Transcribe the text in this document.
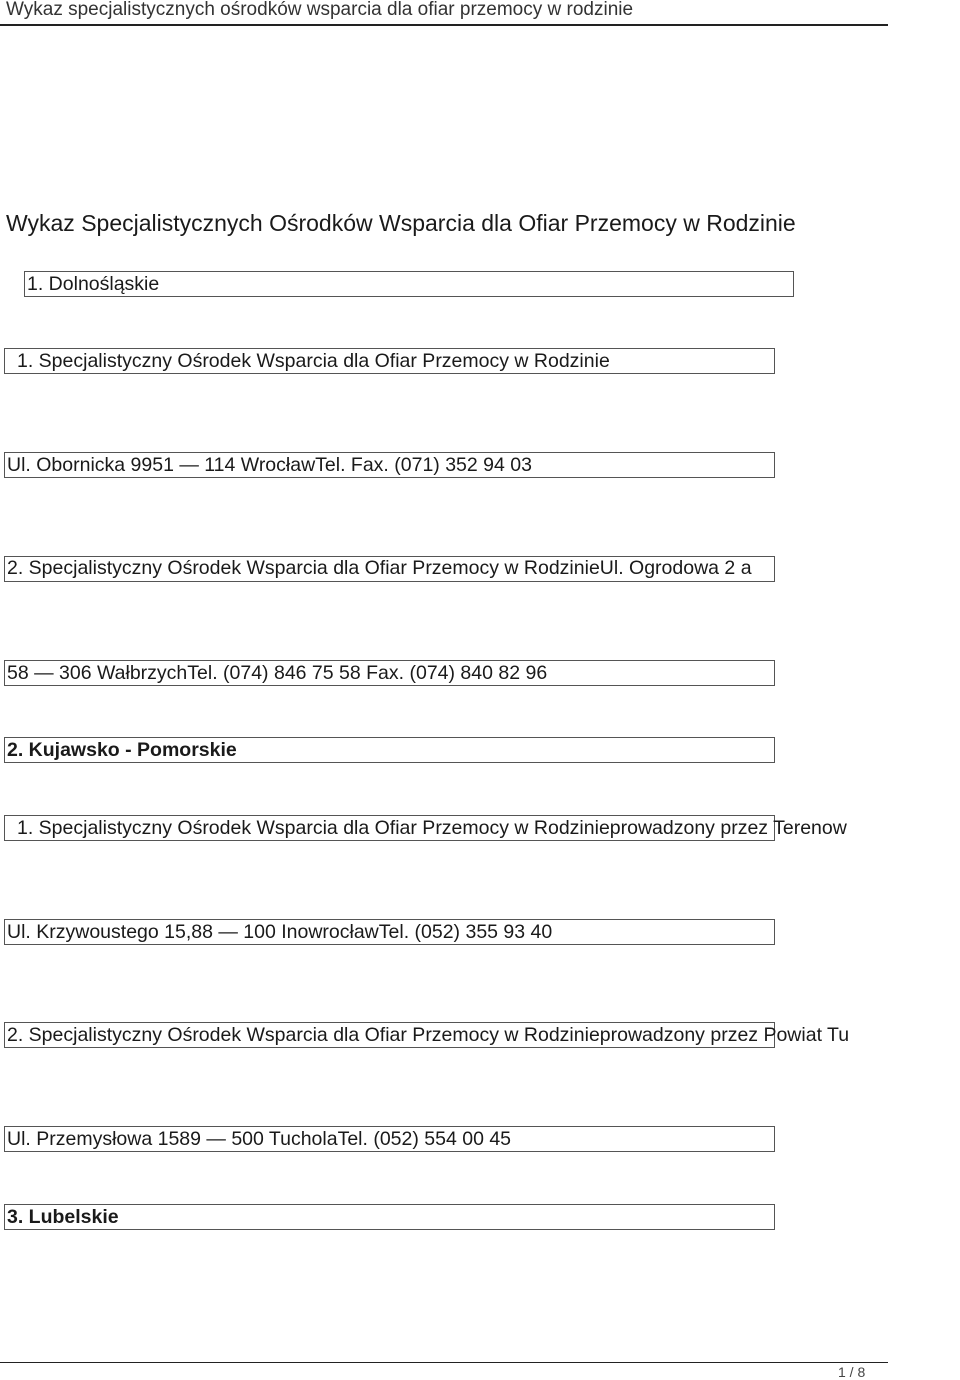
Wykaz specjalistycznych ośrodków wsparcia dla ofiar przemocy w rodzinie
Wykaz Specjalistycznych Ośrodków Wsparcia dla Ofiar Przemocy w Rodzinie
1. Dolnośląskie
1. Specjalistyczny Ośrodek Wsparcia dla Ofiar Przemocy w Rodzinie
Ul. Obornicka 9951 — 114 WrocławTel. Fax. (071) 352 94 03
2. Specjalistyczny Ośrodek Wsparcia dla Ofiar Przemocy w RodzinieUl. Ogrodowa 2 a
58 — 306 WałbrzychTel. (074) 846 75 58 Fax. (074) 840 82 96
2. Kujawsko - Pomorskie
1. Specjalistyczny Ośrodek Wsparcia dla Ofiar Przemocy w Rodzinieprowadzony przez Terenow
Ul. Krzywoustego 15,88 — 100 InowrocławTel. (052) 355 93 40
2. Specjalistyczny Ośrodek Wsparcia dla Ofiar Przemocy w Rodzinieprowadzony przez Powiat Tu
Ul. Przemysłowa 1589 — 500 TucholaTel. (052) 554 00 45
3. Lubelskie
1 / 8
